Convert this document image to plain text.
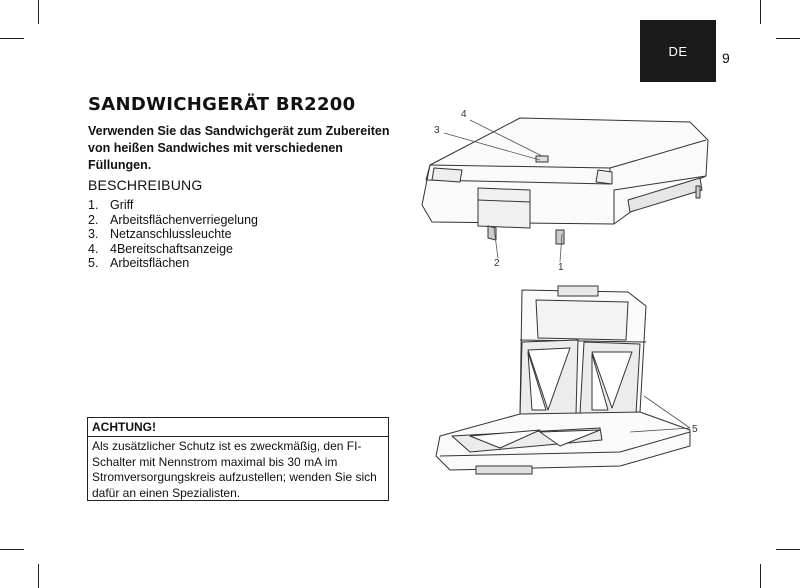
DE	9
SANDWICHGERÄT BR2200

Verwenden Sie das Sandwichgerät zum Zubereiten von heißen Sandwiches mit verschiedenen Füllungen.

BESCHREIBUNG
1. Griff
2. Arbeitsflächenverriegelung
3. Netzanschlussleuchte
4. 4Bereitschaftsanzeige
5. Arbeitsflächen
ACHTUNG!
Als zusätzlicher Schutz ist es zweckmäßig, den FI-Schalter mit Nennstrom maximal bis 30 mA im Stromversorgungskreis aufzustellen; wenden Sie sich dafür an einen Spezialisten.
4
3
2	1
5
